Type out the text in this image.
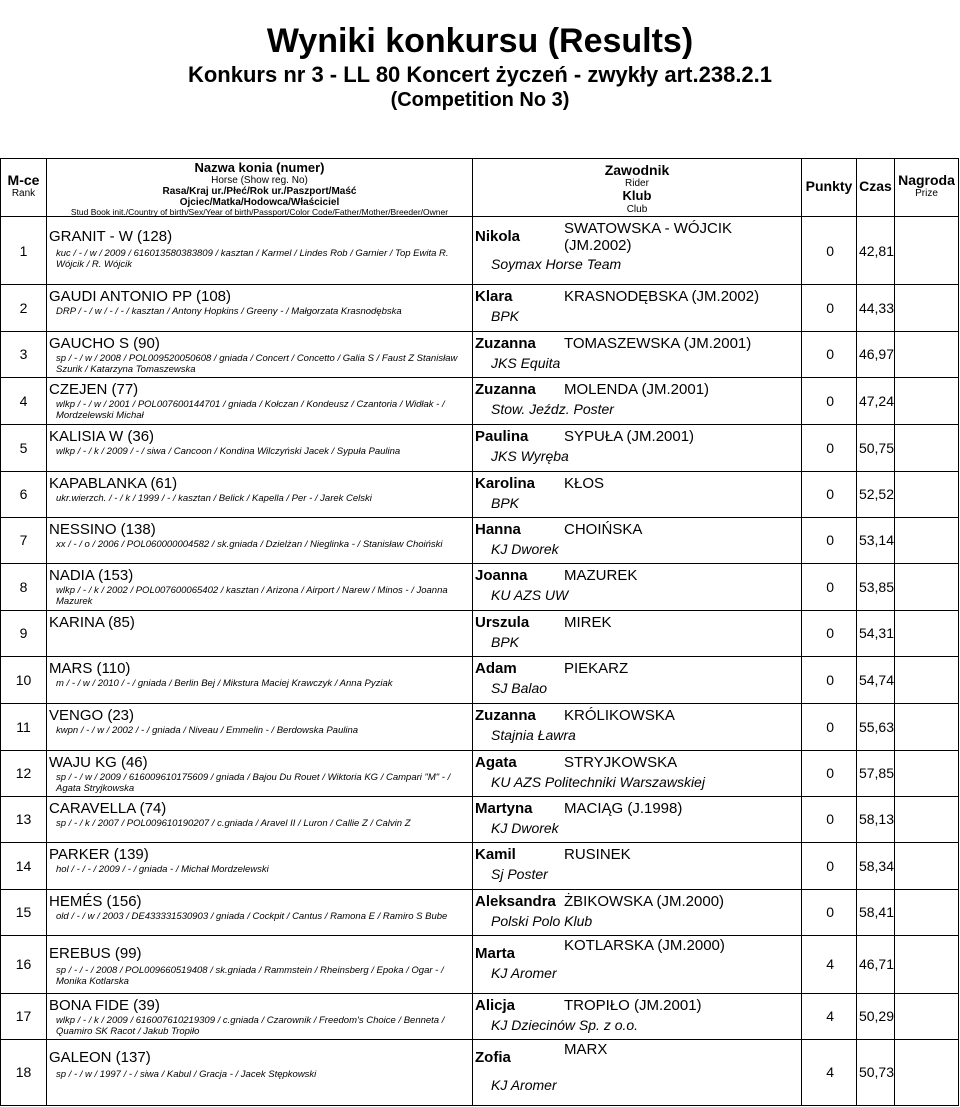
Wyniki konkursu (Results)
Konkurs nr 3 - LL 80 Koncert życzeń - zwykły art.238.2.1
(Competition No 3)
M-ce
Rank
Nazwa konia (numer)
Horse (Show reg. No)
Rasa/Kraj ur./Płeć/Rok ur./Paszport/Maść
Ojciec/Matka/Hodowca/Właściciel
Stud Book init./Country of birth/Sex/Year of birth/Passport/Color Code/Father/Mother/Breeder/Owner
Zawodnik
Rider
Klub
Club
Punkty Czas Nagroda
Prize
1
GRANIT - W (128)
kuc / - / w / 2009 / 616013580383809 / kasztan / Karmel / Lindes Rob / Garnier / Top Ewita R. Wójcik / R. Wójcik
Nikola	SWATOWSKA - WÓJCIK (JM.2002)
Soymax Horse Team
0	42,81
2
GAUDI ANTONIO PP (108)
DRP / - / w / - / - / kasztan / Antony Hopkins / Greeny - / Małgorzata Krasnodębska
Klara	KRASNODĘBSKA (JM.2002)
BPK	0	44,33
3
GAUCHO S (90)
sp / - / w / 2008 / POL009520050608 / gniada / Concert / Concetto / Galia S / Faust Z Stanisław Szurik / Katarzyna Tomaszewska
Zuzanna TOMASZEWSKA (JM.2001)
JKS Equita
0	46,97
4
CZEJEN (77)
wlkp / - / w / 2001 / POL007600144701 / gniada / Kołczan / Kondeusz / Czantoria / Widłak - / Mordzelewski Michał
Zuzanna MOLENDA (JM.2001)
Stow. Jeźdz. Poster	0	47,24
5
KALISIA W (36)
wlkp / - / k / 2009 / - / siwa / Cancoon / Kondina Wilczyński Jacek / Sypuła Paulina
Paulina SYPUŁA (JM.2001)
JKS Wyręba	0	50,75
6
KAPABLANKA (61)
ukr.wierzch. / - / k / 1999 / - / kasztan / Belick / Kapella / Per - / Jarek Celski
Karolina KŁOS
BPK
0	52,52
7
NESSINO (138)
xx / - / o / 2006 / POL060000004582 / sk.gniada / Dzielżan / Nieglinka - / Stanisław Choiński
Hanna	CHOIŃSKA
KJ Dworek
0	53,14
8
NADIA (153)
wlkp / - / k / 2002 / POL007600065402 / kasztan / Arizona / Airport / Narew / Minos - / Joanna Mazurek
Joanna MAZUREK
KU AZS UW	0	53,85
9
KARINA (85)	Urszula MIREK
BPK
0	54,31
10
MARS (110)
m / - / w / 2010 / - / gniada / Berlin Bej / Mikstura Maciej Krawczyk / Anna Pyziak
Adam	PIEKARZ
SJ Balao	0	54,74
11
VENGO (23)
kwpn / - / w / 2002 / - / gniada / Niveau / Emmelin - / Berdowska Paulina
Zuzanna KRÓLIKOWSKA
Stajnia Ławra	0	55,63
12
WAJU KG (46)
sp / - / w / 2009 / 616009610175609 / gniada / Bajou Du Rouet / Wiktoria KG / Campari "M" - / Agata Stryjkowska
Agata	STRYJKOWSKA
KU AZS Politechniki Warszawskiej
0	57,85
13
CARAVELLA (74)
sp / - / k / 2007 / POL009610190207 / c.gniada / Aravel II / Luron / Callie Z / Calvin Z
Martyna MACIĄG (J.1998)
KJ Dworek
0	58,13
14
PARKER (139)
hol / - / - / 2009 / - / gniada - / Michał Mordzelewski
Kamil	RUSINEK
Sj Poster	0	58,34
15
HEMÉS (156)
old / - / w / 2003 / DE433331530903 / gniada / Cockpit / Cantus / Ramona E / Ramiro S Bube
Aleksandra ŻBIKOWSKA (JM.2000)
Polski Polo Klub
0	58,41
16
EREBUS (99)
sp / - / - / 2008 / POL009660519408 / sk.gniada / Rammstein / Rheinsberg / Epoka / Ogar - / Monika Kotlarska
Marta	KOTLARSKA (JM.2000)
KJ Aromer
4	46,71
17
BONA FIDE (39)
wlkp / - / k / 2009 / 616007610219309 / c.gniada / Czarownik / Freedom's Choice / Benneta / Quamiro SK Racot / Jakub Tropiło
Alicja	TROPIŁO (JM.2001)
KJ Dziecinów Sp. z o.o.
4	50,29
18
GALEON (137)
sp / - / w / 1997 / - / siwa / Kabul / Gracja - / Jacek Stępkowski
Zofia	MARX
KJ Aromer
4	50,73
